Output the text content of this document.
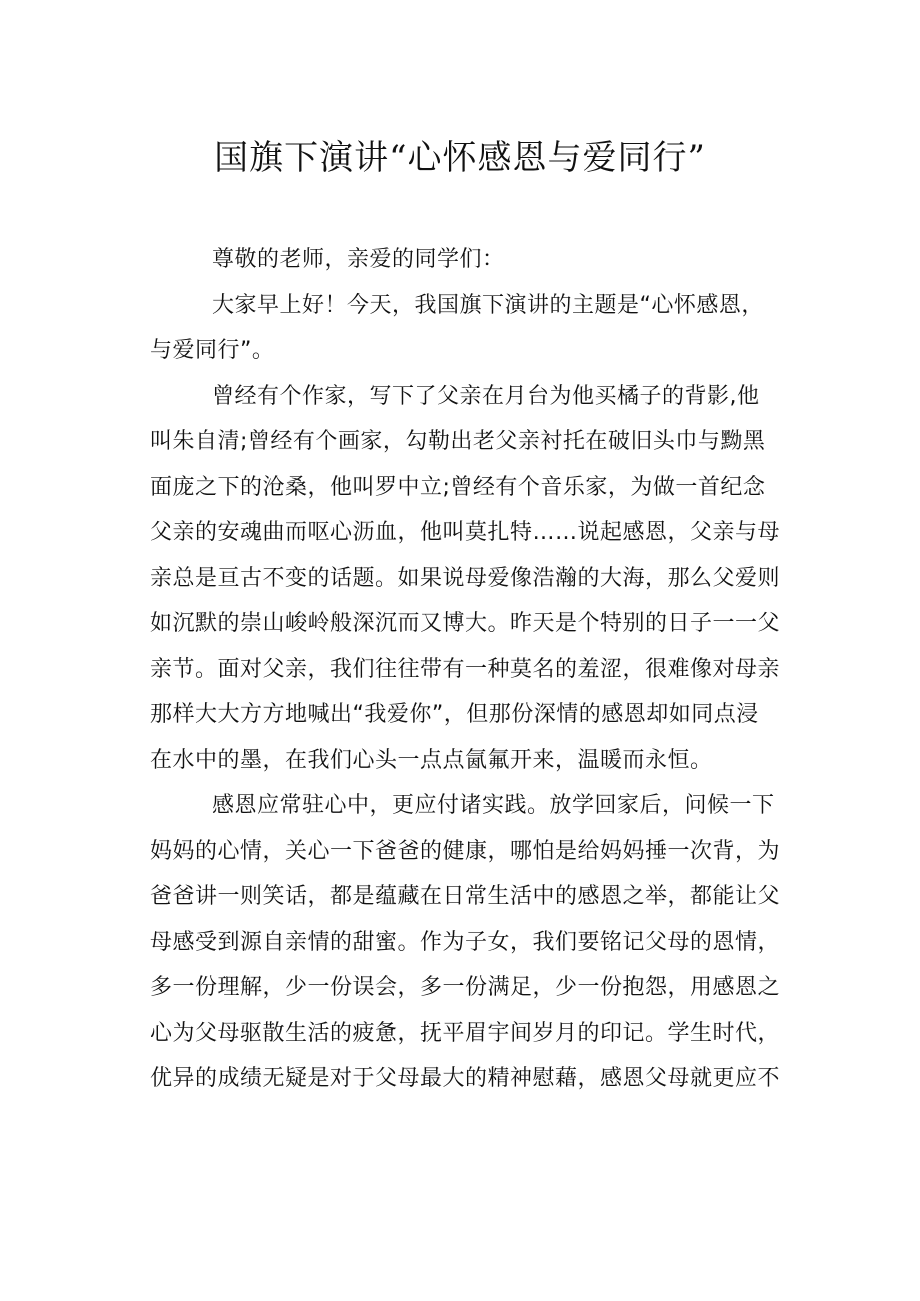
国旗下演讲“心怀感恩与爱同行”
尊敬的老师，亲爱的同学们：
大家早上好！今天，我国旗下演讲的主题是“心怀感恩，
与爱同行”。
曾经有个作家，写下了父亲在月台为他买橘子的背影,他
叫朱自清;曾经有个画家，勾勒出老父亲衬托在破旧头巾与黝黑
面庞之下的沧桑，他叫罗中立;曾经有个音乐家，为做一首纪念
父亲的安魂曲而呕心沥血，他叫莫扎特……说起感恩，父亲与母
亲总是亘古不变的话题。如果说母爱像浩瀚的大海，那么父爱则
如沉默的崇山峻岭般深沉而又博大。昨天是个特别的日子一一父
亲节。面对父亲，我们往往带有一种莫名的羞涩，很难像对母亲
那样大大方方地喊出“我爱你”，但那份深情的感恩却如同点浸
在水中的墨，在我们心头一点点氤氟开来，温暖而永恒。
感恩应常驻心中，更应付诸实践。放学回家后，问候一下
妈妈的心情，关心一下爸爸的健康，哪怕是给妈妈捶一次背，为
爸爸讲一则笑话，都是蕴藏在日常生活中的感恩之举，都能让父
母感受到源自亲情的甜蜜。作为子女，我们要铭记父母的恩情，
多一份理解，少一份误会，多一份满足，少一份抱怨，用感恩之
心为父母驱散生活的疲惫，抚平眉宇间岁月的印记。学生时代，
优异的成绩无疑是对于父母最大的精神慰藉，感恩父母就更应不
